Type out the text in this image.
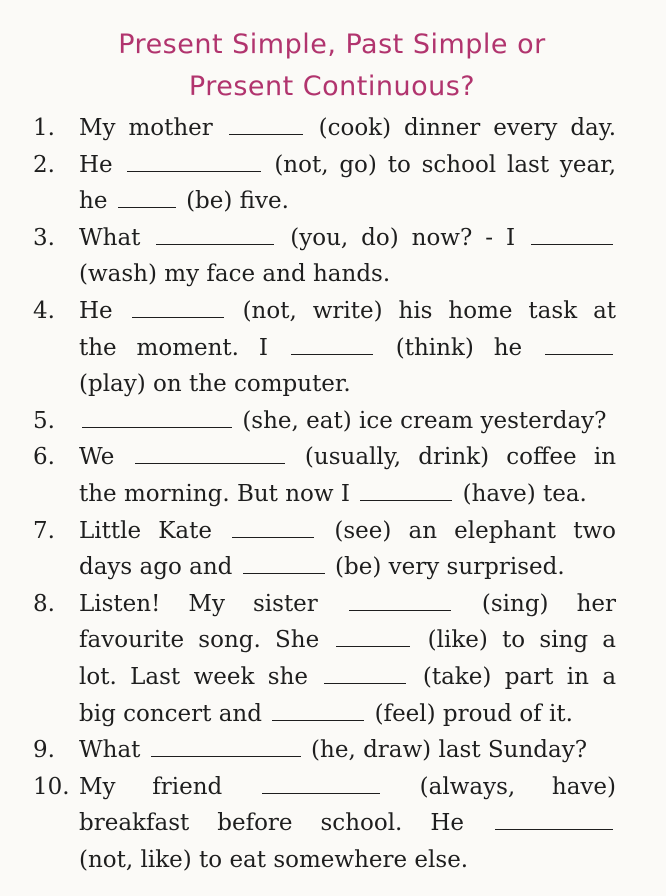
Present Simple, Past Simple or
Present Continuous?
1.	My mother	(cook) dinner every day.
2.	He	(not, go) to school last year,
he	(be) five.
3.	What	(you, do) now? - I
(wash) my face and hands.
4.	He	(not, write) his home task at
the moment. I	(think) he
(play) on the computer.
5.	(she, eat) ice cream yesterday?
6.	We	(usually, drink) coffee in
the morning. But now I	(have) tea.
7.	Little Kate	(see) an elephant two
days ago and	(be) very surprised.
8.	Listen! My sister	(sing) her
favourite song. She	(like) to sing a
lot. Last week she	(take) part in a
big concert and	(feel) proud of it.
9.	What	(he, draw) last Sunday?
10. My friend	(always, have)
breakfast before school. He
(not, like) to eat somewhere else.
